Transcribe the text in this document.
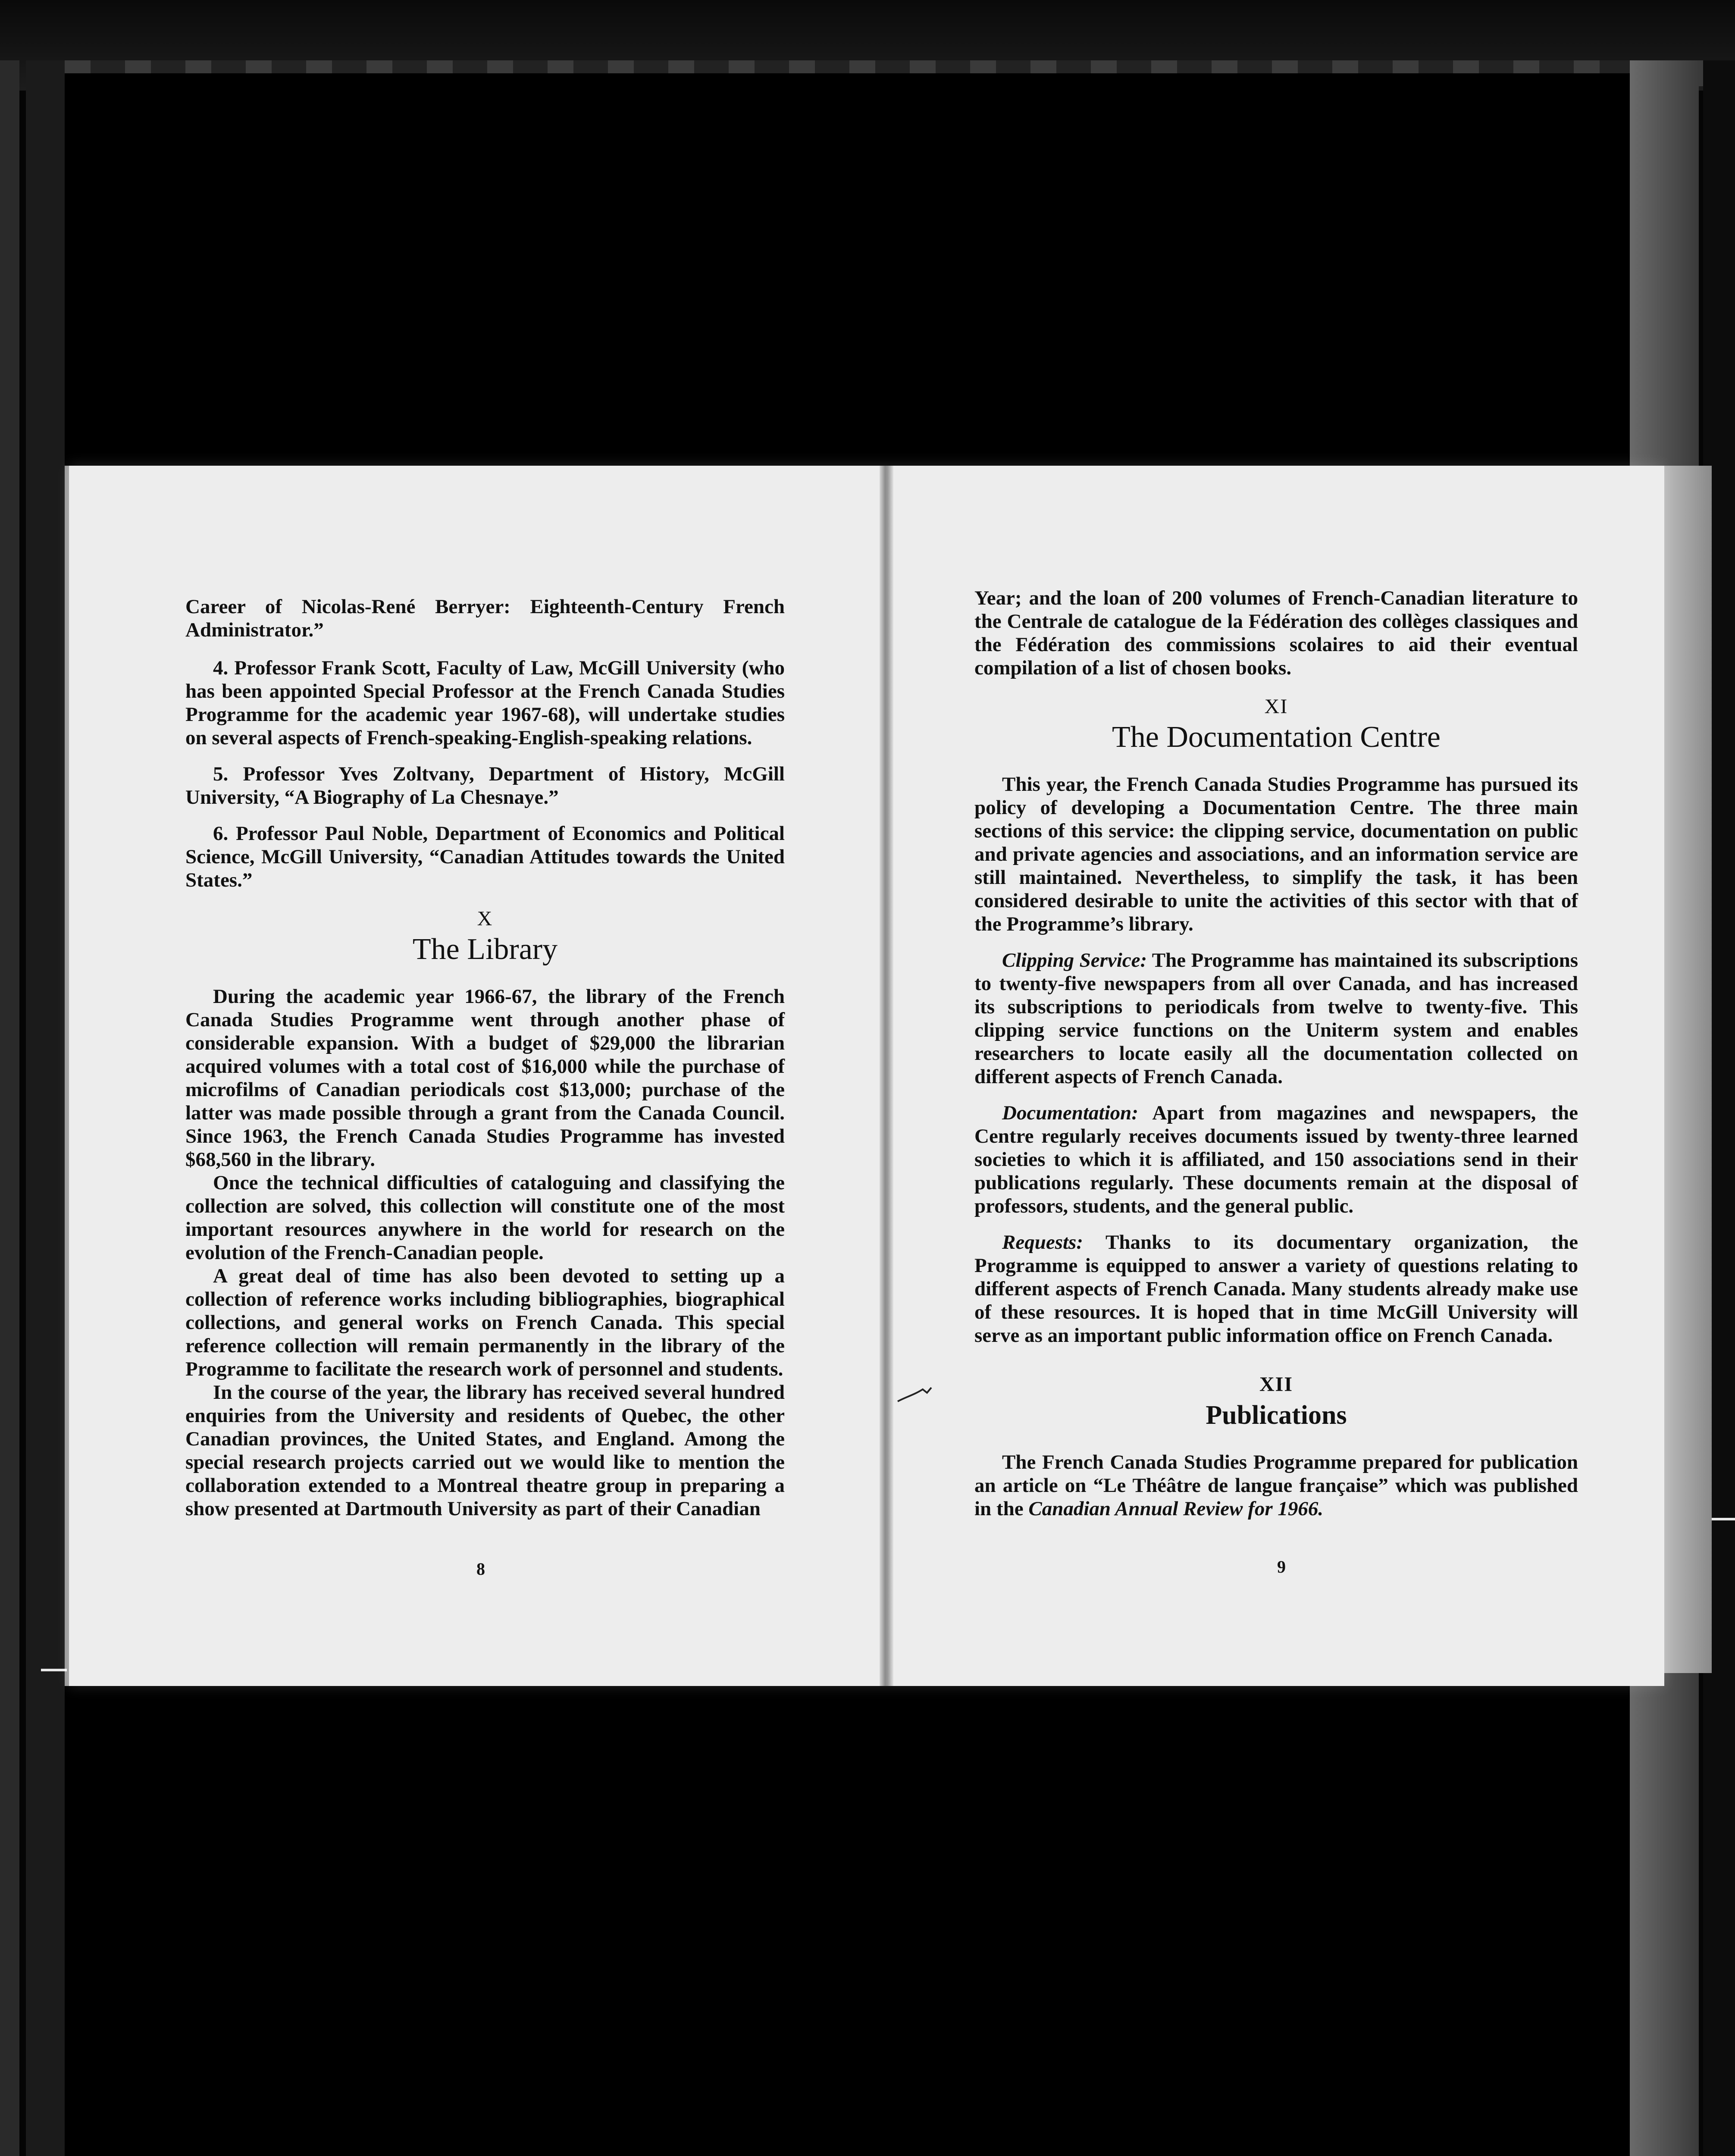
Career of Nicolas-René Berryer: Eighteenth-Century French Administrator.”

4. Professor Frank Scott, Faculty of Law, McGill University (who has been appointed Special Professor at the French Canada Studies Programme for the academic year 1967-68), will undertake studies on several aspects of French-speaking-English-speaking relations.

5. Professor Yves Zoltvany, Department of History, McGill University, “A Biography of La Chesnaye.”

6. Professor Paul Noble, Department of Economics and Political Science, McGill University, “Canadian Attitudes towards the United States.”

X
The Library

During the academic year 1966-67, the library of the French Canada Studies Programme went through another phase of considerable expansion. With a budget of $29,000 the librarian acquired volumes with a total cost of $16,000 while the purchase of microfilms of Canadian periodicals cost $13,000; purchase of the latter was made possible through a grant from the Canada Council. Since 1963, the French Canada Studies Programme has invested $68,560 in the library.

Once the technical difficulties of cataloguing and classifying the collection are solved, this collection will constitute one of the most important resources anywhere in the world for research on the evolution of the French-Canadian people.

A great deal of time has also been devoted to setting up a collection of reference works including bibliographies, biographical collections, and general works on French Canada. This special reference collection will remain permanently in the library of the Programme to facilitate the research work of personnel and students.

In the course of the year, the library has received several hundred enquiries from the University and residents of Quebec, the other Canadian provinces, the United States, and England. Among the special research projects carried out we would like to mention the collaboration extended to a Montreal theatre group in preparing a show presented at Dartmouth University as part of their Canadian

8

Year; and the loan of 200 volumes of French-Canadian literature to the Centrale de catalogue de la Fédération des collèges classiques and the Fédération des commissions scolaires to aid their eventual compilation of a list of chosen books.

XI
The Documentation Centre

This year, the French Canada Studies Programme has pursued its policy of developing a Documentation Centre. The three main sections of this service: the clipping service, documentation on public and private agencies and associations, and an information service are still maintained. Nevertheless, to simplify the task, it has been considered desirable to unite the activities of this sector with that of the Programme’s library.

Clipping Service: The Programme has maintained its subscriptions to twenty-five newspapers from all over Canada, and has increased its subscriptions to periodicals from twelve to twenty-five. This clipping service functions on the Uniterm system and enables researchers to locate easily all the documentation collected on different aspects of French Canada.

Documentation: Apart from magazines and newspapers, the Centre regularly receives documents issued by twenty-three learned societies to which it is affiliated, and 150 associations send in their publications regularly. These documents remain at the disposal of professors, students, and the general public.

Requests: Thanks to its documentary organization, the Programme is equipped to answer a variety of questions relating to different aspects of French Canada. Many students already make use of these resources. It is hoped that in time McGill University will serve as an important public information office on French Canada.

XII
Publications

The French Canada Studies Programme prepared for publication an article on “Le Théâtre de langue française” which was published in the Canadian Annual Review for 1966.

9
